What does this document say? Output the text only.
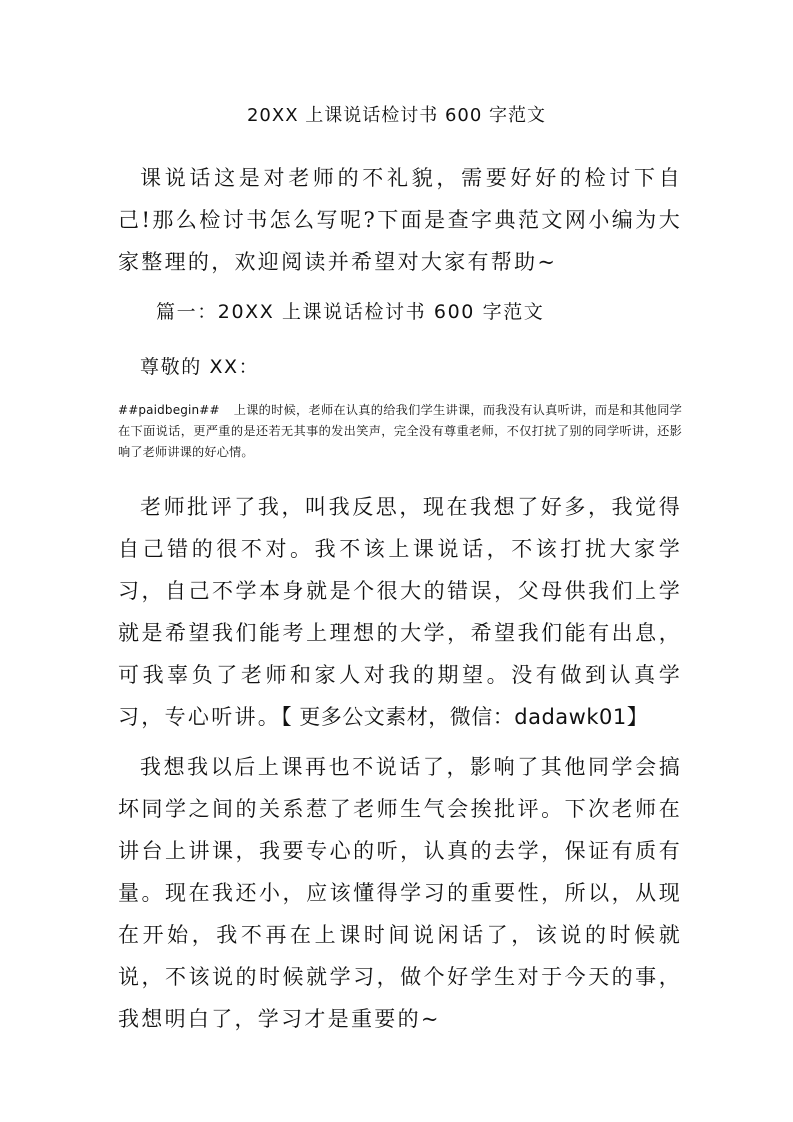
20XX 上课说话检讨书 600 字范文

课说话这是对老师的不礼貌，需要好好的检讨下自己!那么检讨书怎么写呢?下面是查字典范文网小编为大家整理的，欢迎阅读并希望对大家有帮助~

篇一：20XX 上课说话检讨书 600 字范文

尊敬的 XX：

##paidbegin## 上课的时候，老师在认真的给我们学生讲课，而我没有认真听讲，而是和其他同学在下面说话，更严重的是还若无其事的发出笑声，完全没有尊重老师，不仅打扰了别的同学听讲，还影响了老师讲课的好心情。

老师批评了我，叫我反思，现在我想了好多，我觉得自己错的很不对。我不该上课说话，不该打扰大家学习，自己不学本身就是个很大的错误，父母供我们上学就是希望我们能考上理想的大学，希望我们能有出息，可我辜负了老师和家人对我的期望。没有做到认真学习，专心听讲。【 更多公文素材，微信：dadawk01】

我想我以后上课再也不说话了，影响了其他同学会搞坏同学之间的关系惹了老师生气会挨批评。下次老师在讲台上讲课，我要专心的听，认真的去学，保证有质有量。现在我还小，应该懂得学习的重要性，所以，从现在开始，我不再在上课时间说闲话了，该说的时候就说，不该说的时候就学习，做个好学生对于今天的事，我想明白了，学习才是重要的~
